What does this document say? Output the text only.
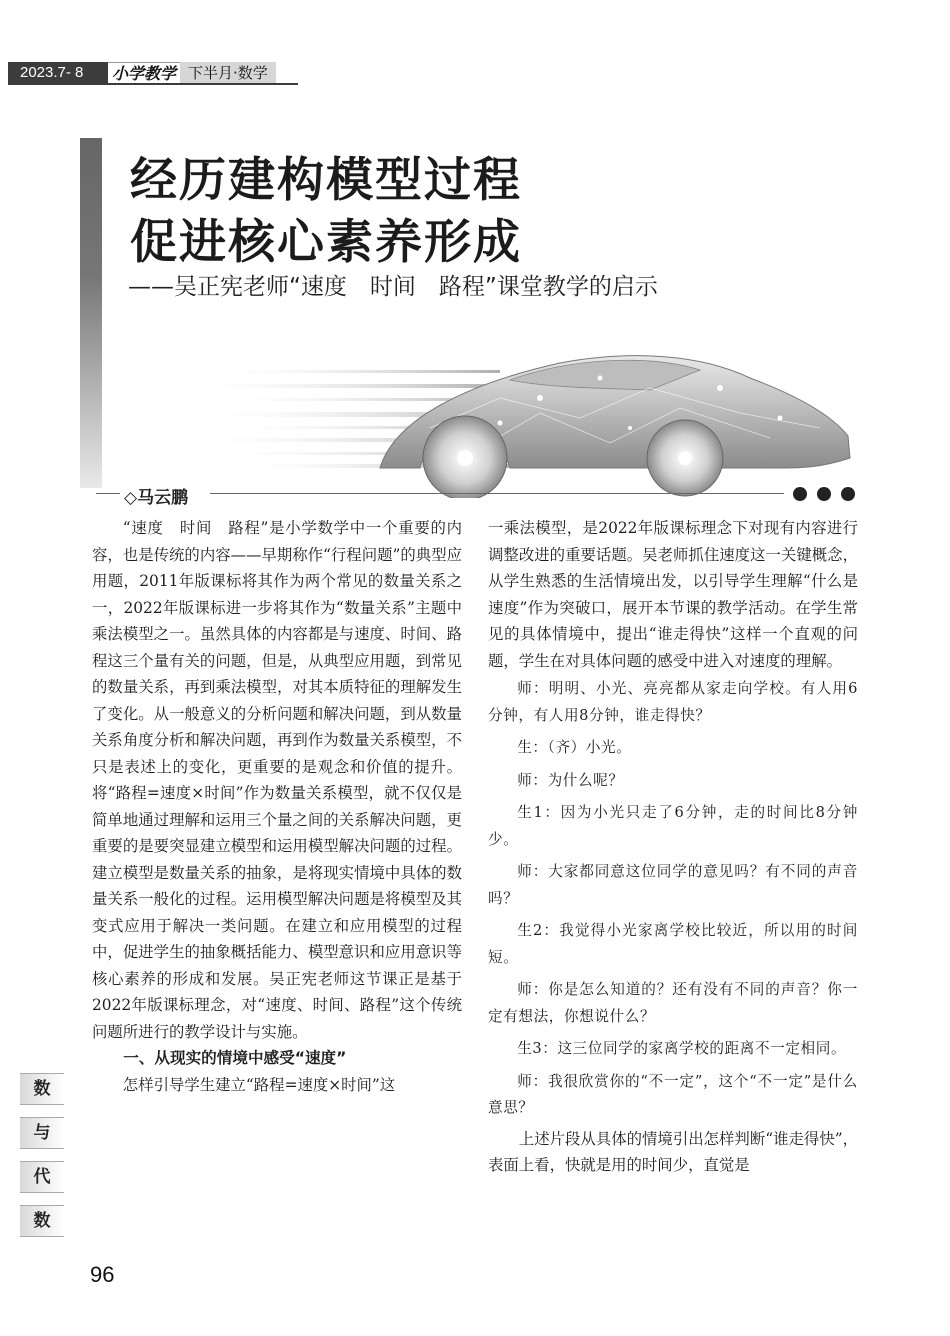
2023.7- 8	小学教学 下半月·数学
经历建构模型过程
促进核心素养形成
——吴正宪老师“速度　时间　路程”课堂教学的启示
◇马云鹏

“速度　时间　路程”是小学数学中一个重要的内容，也是传统的内容——早期称作“行程问题”的典型应用题，2011年版课标将其作为两个常见的数量关系之一，2022年版课标进一步将其作为“数量关系”主题中乘法模型之一。虽然具体的内容都是与速度、时间、路程这三个量有关的问题，但是，从典型应用题，到常见的数量关系，再到乘法模型，对其本质特征的理解发生了变化。从一般意义的分析问题和解决问题，到从数量关系角度分析和解决问题，再到作为数量关系模型，不只是表述上的变化，更重要的是观念和价值的提升。将“路程=速度×时间”作为数量关系模型，就不仅仅是简单地通过理解和运用三个量之间的关系解决问题，更重要的是要突显建立模型和运用模型解决问题的过程。建立模型是数量关系的抽象，是将现实情境中具体的数量关系一般化的过程。运用模型解决问题是将模型及其变式应用于解决一类问题。在建立和应用模型的过程中，促进学生的抽象概括能力、模型意识和应用意识等核心素养的形成和发展。吴正宪老师这节课正是基于2022年版课标理念，对“速度、时间、路程”这个传统问题所进行的教学设计与实施。

一、从现实的情境中感受“速度”

怎样引导学生建立“路程=速度×时间”这

一乘法模型，是2022年版课标理念下对现有内容进行调整改进的重要话题。吴老师抓住速度这一关键概念，从学生熟悉的生活情境出发，以引导学生理解“什么是速度”作为突破口，展开本节课的教学活动。在学生常见的具体情境中，提出“谁走得快”这样一个直观的问题，学生在对具体问题的感受中进入对速度的理解。

师：明明、小光、亮亮都从家走向学校。有人用6分钟，有人用8分钟，谁走得快？

生：（齐）小光。

师：为什么呢？

生1：因为小光只走了6分钟，走的时间比8分钟少。

师：大家都同意这位同学的意见吗？有不同的声音吗？

生2：我觉得小光家离学校比较近，所以用的时间短。

师：你是怎么知道的？还有没有不同的声音？你一定有想法，你想说什么？

生3：这三位同学的家离学校的距离不一定相同。

师：我很欣赏你的“不一定”，这个“不一定”是什么意思？

上述片段从具体的情境引出怎样判断“谁走得快”，表面上看，快就是用的时间少，直觉是

数
与
代
数
96
